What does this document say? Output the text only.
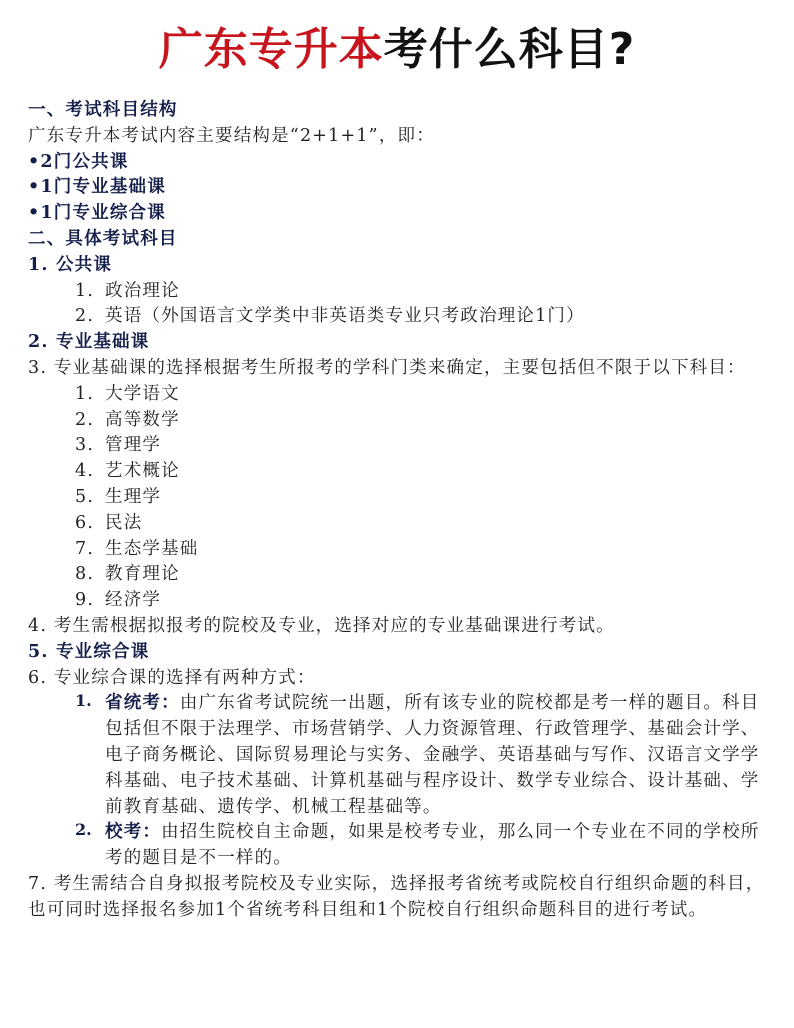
广东专升本考什么科目?
一、考试科目结构
广东专升本考试内容主要结构是“2+1+1”，即：
•2门公共课
•1门专业基础课
•1门专业综合课
二、具体考试科目
1. 公共课
1. 政治理论
2. 英语（外国语言文学类中非英语类专业只考政治理论1门）
2. 专业基础课
3. 专业基础课的选择根据考生所报考的学科门类来确定，主要包括但不限于以下科目：
1. 大学语文
2. 高等数学
3. 管理学
4. 艺术概论
5. 生理学
6. 民法
7. 生态学基础
8. 教育理论
9. 经济学
4. 考生需根据拟报考的院校及专业，选择对应的专业基础课进行考试。
5. 专业综合课
6. 专业综合课的选择有两种方式：
1. 省统考：由广东省考试院统一出题，所有该专业的院校都是考一样的题目。科目包括但不限于法理学、市场营销学、人力资源管理、行政管理学、基础会计学、电子商务概论、国际贸易理论与实务、金融学、英语基础与写作、汉语言文学学科基础、电子技术基础、计算机基础与程序设计、数学专业综合、设计基础、学前教育基础、遗传学、机械工程基础等。
2. 校考：由招生院校自主命题，如果是校考专业，那么同一个专业在不同的学校所考的题目是不一样的。
7. 考生需结合自身拟报考院校及专业实际，选择报考省统考或院校自行组织命题的科目，也可同时选择报名参加1个省统考科目组和1个院校自行组织命题科目的进行考试。
